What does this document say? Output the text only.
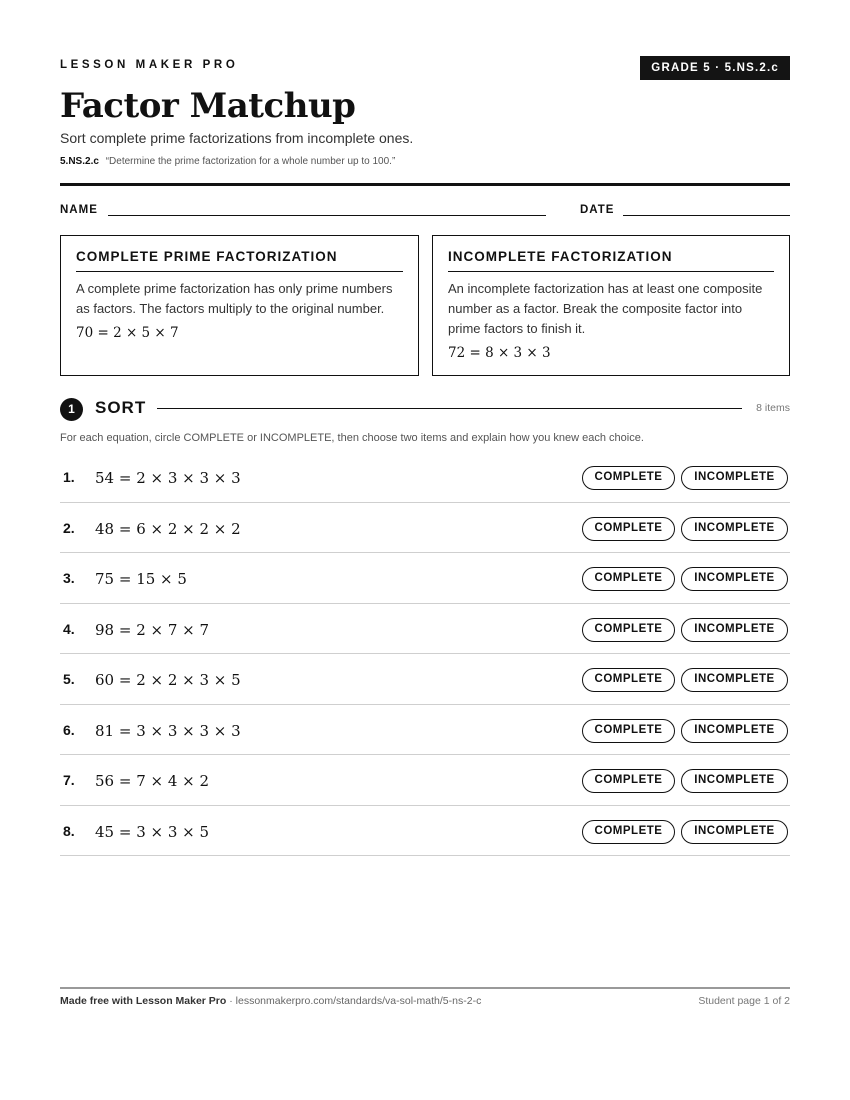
LESSON MAKER PRO	GRADE 5 · 5.NS.2.c
Factor Matchup
Sort complete prime factorizations from incomplete ones.
5.NS.2.c “Determine the prime factorization for a whole number up to 100.”
NAME	DATE
COMPLETE PRIME FACTORIZATION
A complete prime factorization has only prime numbers as factors. The factors multiply to the original number.
70 = 2 × 5 × 7
INCOMPLETE FACTORIZATION
An incomplete factorization has at least one composite number as a factor. Break the composite factor into prime factors to finish it.
72 = 8 × 3 × 3
1	SORT	8 items
For each equation, circle COMPLETE or INCOMPLETE, then choose two items and explain how you knew each choice.
1. 54 = 2 × 3 × 3 × 3	COMPLETE	INCOMPLETE
2. 48 = 6 × 2 × 2 × 2	COMPLETE	INCOMPLETE
3. 75 = 15 × 5	COMPLETE	INCOMPLETE
4. 98 = 2 × 7 × 7	COMPLETE	INCOMPLETE
5. 60 = 2 × 2 × 3 × 5	COMPLETE	INCOMPLETE
6. 81 = 3 × 3 × 3 × 3	COMPLETE	INCOMPLETE
7. 56 = 7 × 4 × 2	COMPLETE	INCOMPLETE
8. 45 = 3 × 3 × 5	COMPLETE	INCOMPLETE
Made free with Lesson Maker Pro · lessonmakerpro.com/standards/va-sol-math/5-ns-2-c	Student page 1 of 2
